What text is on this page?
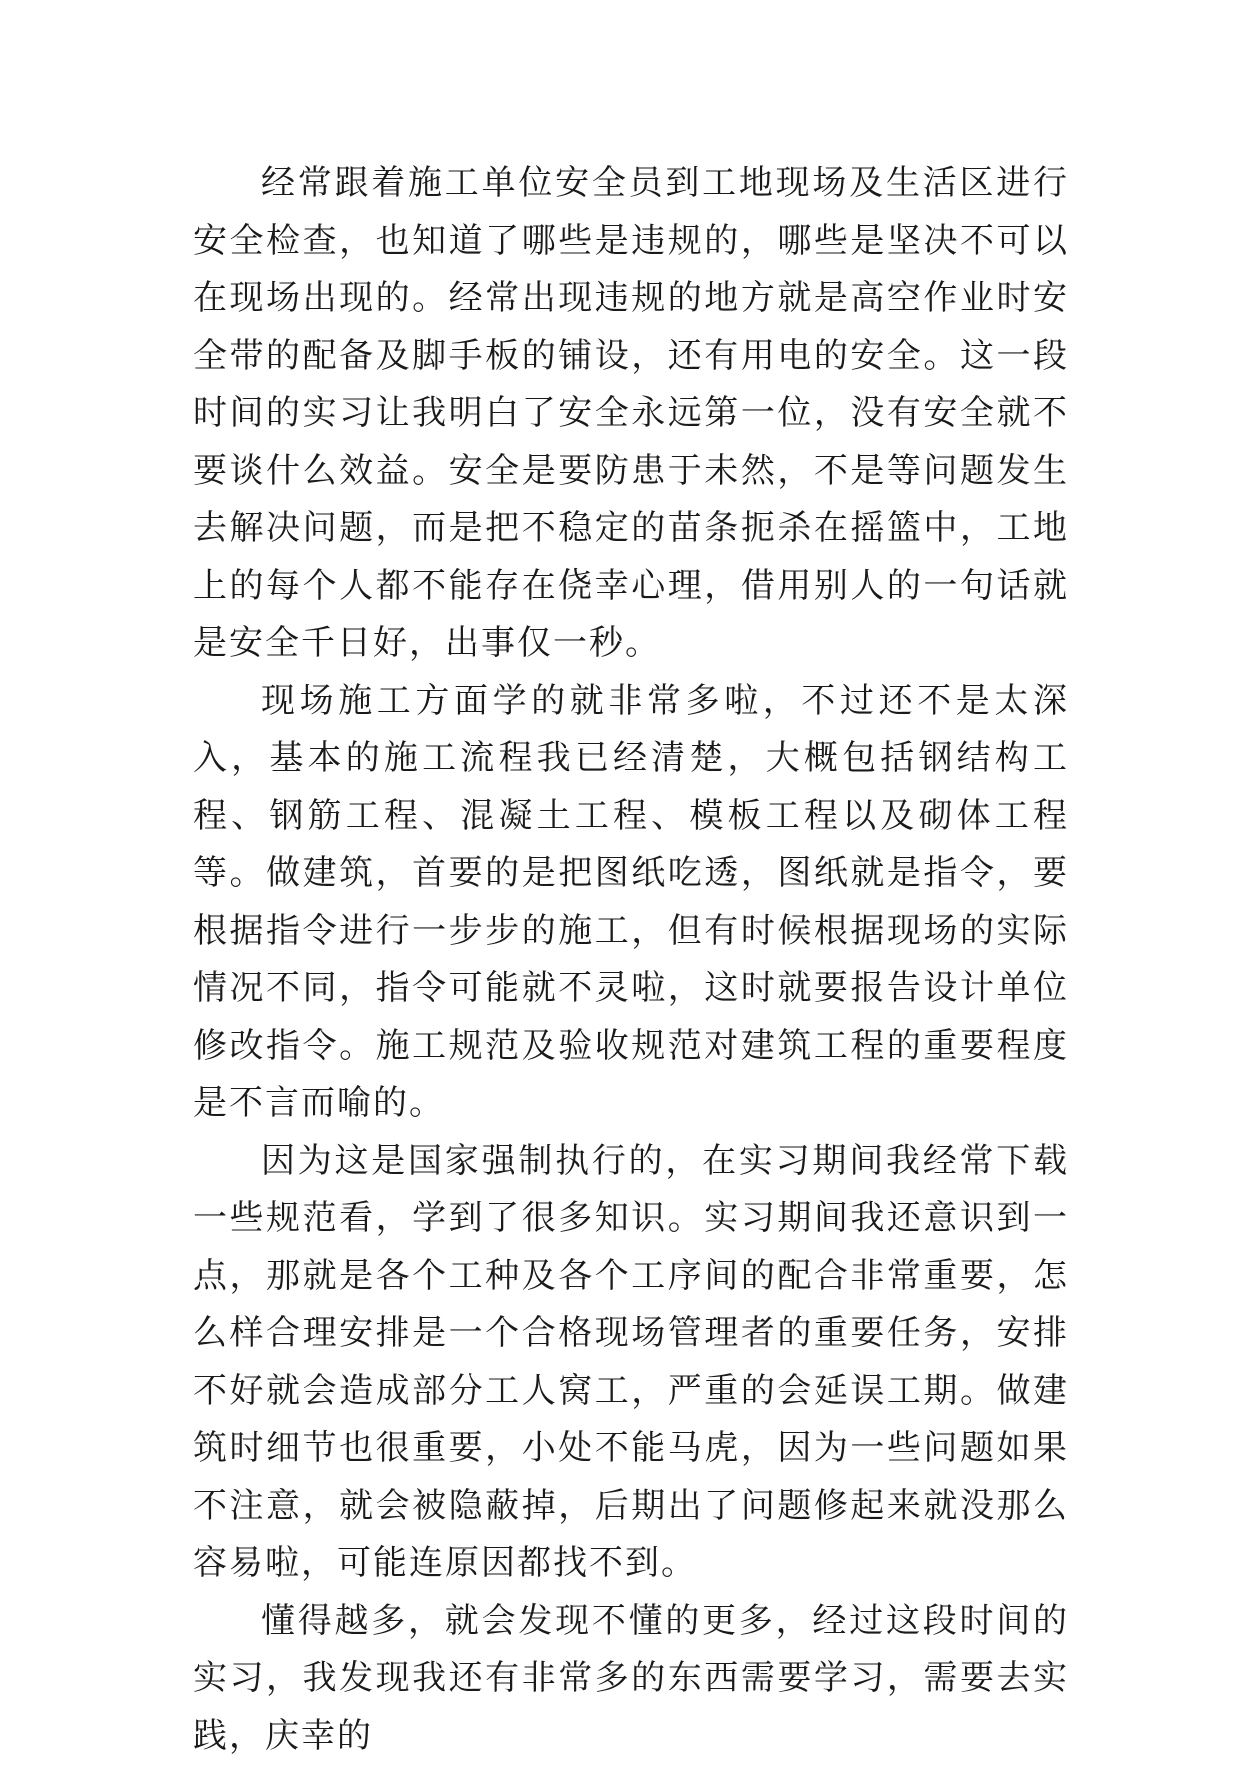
经常跟着施工单位安全员到工地现场及生活区进行安全检查，也知道了哪些是违规的，哪些是坚决不可以在现场出现的。经常出现违规的地方就是高空作业时安全带的配备及脚手板的铺设，还有用电的安全。这一段时间的实习让我明白了安全永远第一位，没有安全就不要谈什么效益。安全是要防患于未然，不是等问题发生去解决问题，而是把不稳定的苗条扼杀在摇篮中，工地上的每个人都不能存在侥幸心理，借用别人的一句话就是安全千日好，出事仅一秒。

现场施工方面学的就非常多啦，不过还不是太深入，基本的施工流程我已经清楚，大概包括钢结构工程、钢筋工程、混凝土工程、模板工程以及砌体工程等。做建筑，首要的是把图纸吃透，图纸就是指令，要根据指令进行一步步的施工，但有时候根据现场的实际情况不同，指令可能就不灵啦，这时就要报告设计单位修改指令。施工规范及验收规范对建筑工程的重要程度是不言而喻的。

因为这是国家强制执行的，在实习期间我经常下载一些规范看，学到了很多知识。实习期间我还意识到一点，那就是各个工种及各个工序间的配合非常重要，怎么样合理安排是一个合格现场管理者的重要任务，安排不好就会造成部分工人窝工，严重的会延误工期。做建筑时细节也很重要，小处不能马虎，因为一些问题如果不注意，就会被隐蔽掉，后期出了问题修起来就没那么容易啦，可能连原因都找不到。

懂得越多，就会发现不懂的更多，经过这段时间的实习，我发现我还有非常多的东西需要学习，需要去实践，庆幸的
